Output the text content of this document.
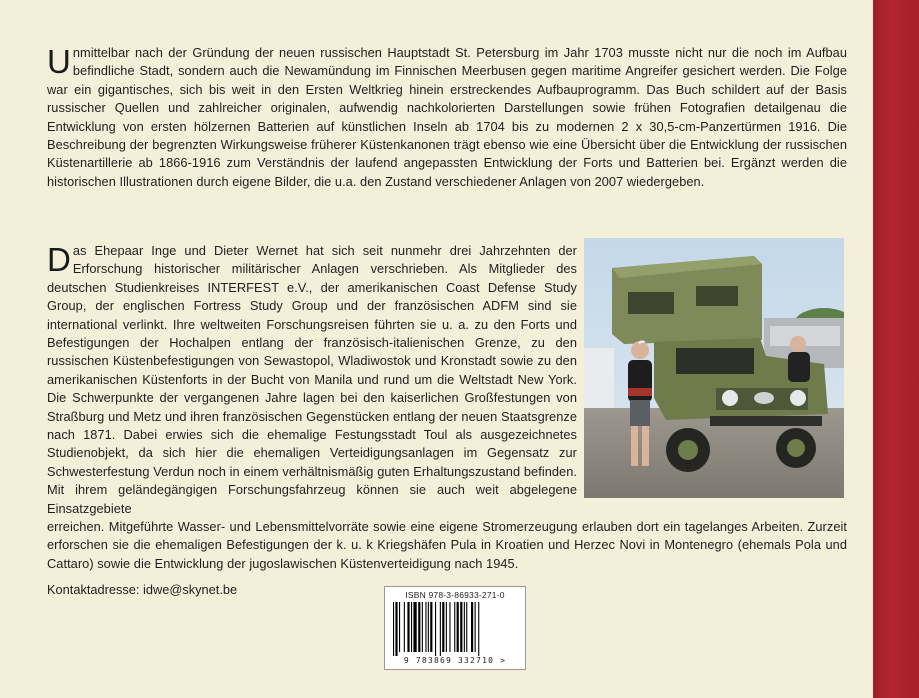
Unmittelbar nach der Gründung der neuen russischen Hauptstadt St. Petersburg im Jahr 1703 musste nicht nur die noch im Aufbau befindliche Stadt, sondern auch die Newamündung im Finnischen Meerbusen gegen maritime Angreifer gesichert werden. Die Folge war ein gigantisches, sich bis weit in den Ersten Weltkrieg hinein erstreckendes Aufbauprogramm. Das Buch schildert auf der Basis russischer Quellen und zahlreicher originalen, aufwendig nachkolorierten Darstellungen sowie frühen Fotografien detailgenau die Entwicklung von ersten hölzernen Batterien auf künstlichen Inseln ab 1704 bis zu modernen 2 x 30,5-cm-Panzertürmen 1916. Die Beschreibung der begrenzten Wirkungsweise früherer Küstenkanonen trägt ebenso wie eine Übersicht über die Entwicklung der russischen Küstenartillerie ab 1866-1916 zum Verständnis der laufend angepassten Entwicklung der Forts und Batterien bei. Ergänzt werden die historischen Illustrationen durch eigene Bilder, die u.a. den Zustand verschiedener Anlagen von 2007 wiedergeben.

Das Ehepaar Inge und Dieter Wernet hat sich seit nunmehr drei Jahrzehnten der Erforschung historischer militärischer Anlagen verschrieben. Als Mitglieder des deutschen Studienkreises INTERFEST e.V., der amerikanischen Coast Defense Study Group, der englischen Fortress Study Group und der französischen ADFM sind sie international verlinkt. Ihre weltweiten Forschungsreisen führten sie u. a. zu den Forts und Befestigungen der Hochalpen entlang der französisch-italienischen Grenze, zu den russischen Küstenbefestigungen von Sewastopol, Wladiwostok und Kronstadt sowie zu den amerikanischen Küstenforts in der Bucht von Manila und rund um die Weltstadt New York. Die Schwerpunkte der vergangenen Jahre lagen bei den kaiserlichen Großfestungen von Straßburg und Metz und ihren französischen Gegenstücken entlang der neuen Staatsgrenze nach 1871. Dabei erwies sich die ehemalige Festungsstadt Toul als ausgezeichnetes Studienobjekt, da sich hier die ehemaligen Verteidigungsanlagen im Gegensatz zur Schwesterfestung Verdun noch in einem verhältnismäßig guten Erhaltungszustand befinden. Mit ihrem geländegängigen Forschungsfahrzeug können sie auch weit abgelegene Einsatzgebiete

erreichen. Mitgeführte Wasser- und Lebensmittelvorräte sowie eine eigene Stromerzeugung erlauben dort ein tagelanges Arbeiten. Zurzeit erforschen sie die ehemaligen Befestigungen der k. u. k Kriegshäfen Pula in Kroatien und Herzec Novi in Montenegro (ehemals Pola und Cattaro) sowie die Entwicklung der jugoslawischen Küstenverteidigung nach 1945.

Kontaktadresse: idwe@skynet.be	ISBN 978-3-86933-271-0
9 783869 332710 >
